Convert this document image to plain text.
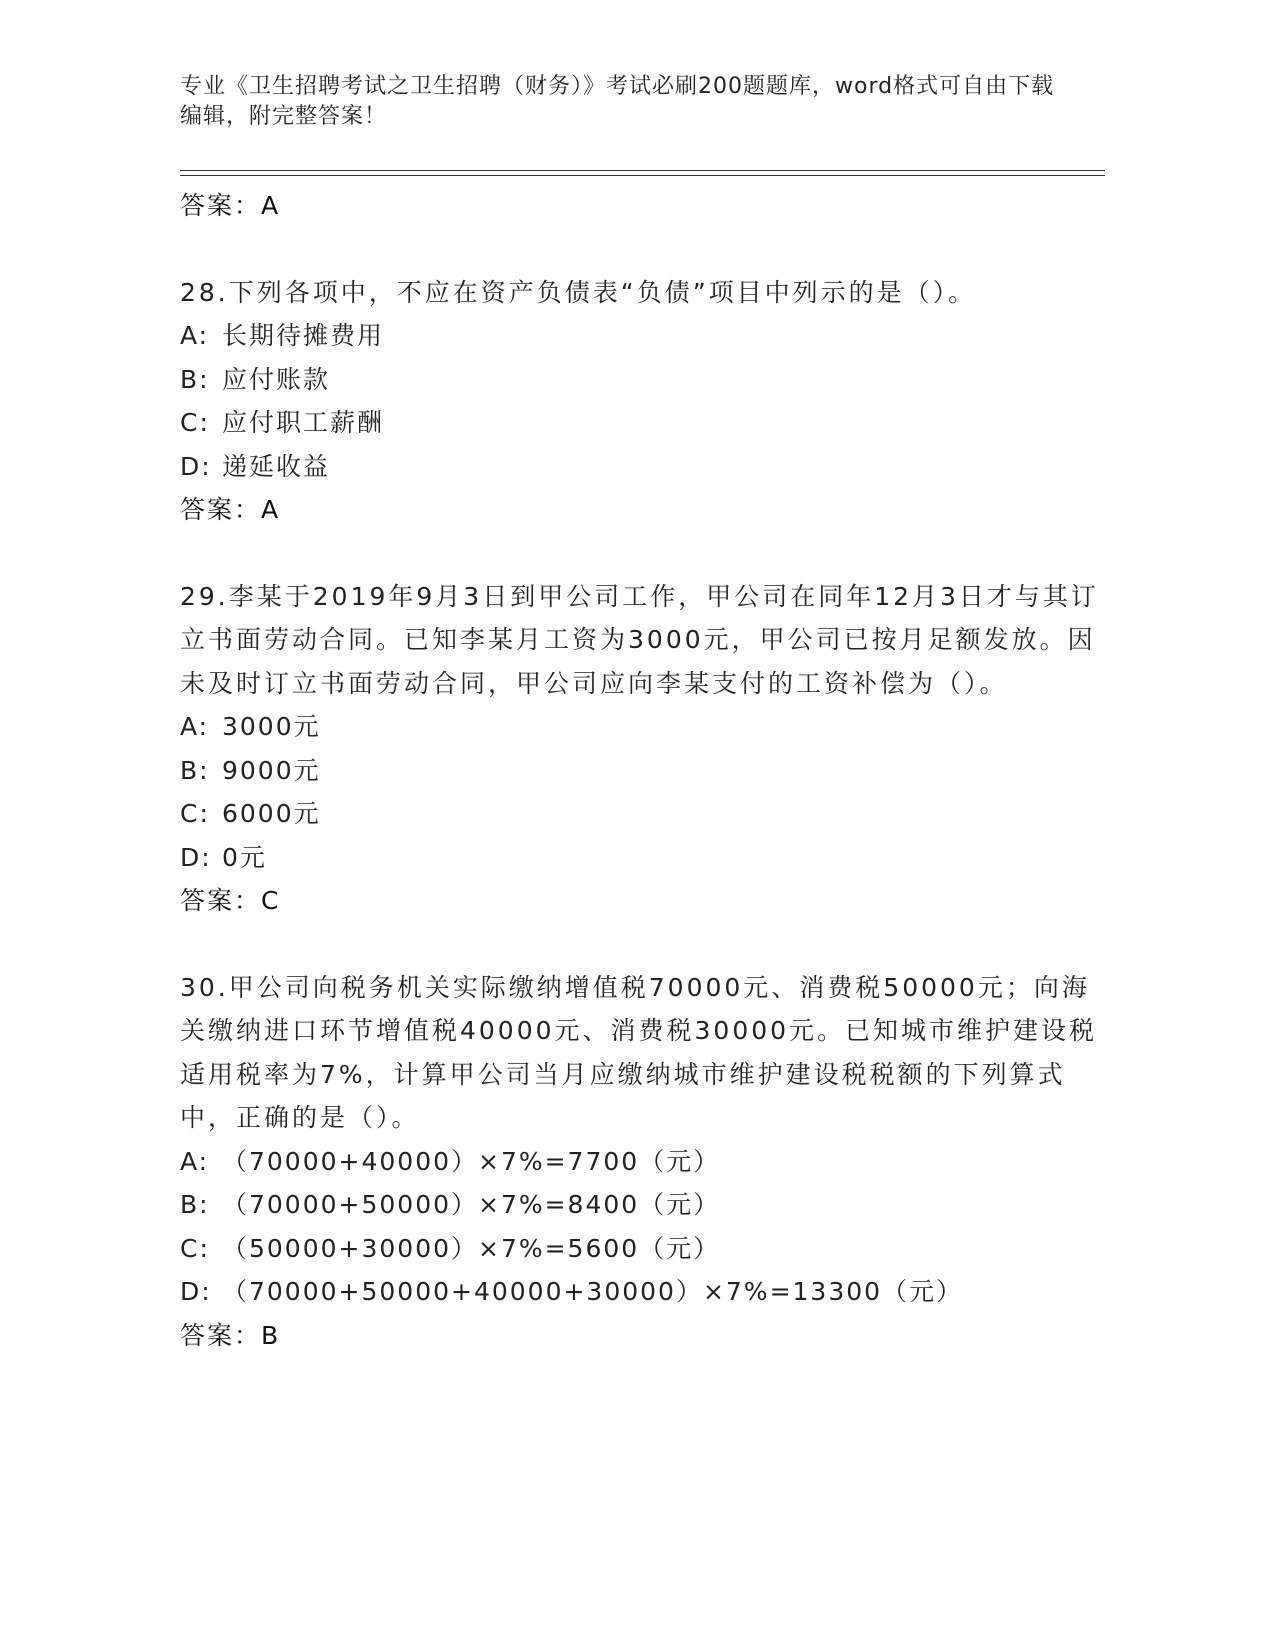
专业《卫生招聘考试之卫生招聘（财务）》考试必刷200题题库，word格式可自由下载编辑，附完整答案！
答案：A
28.下列各项中，不应在资产负债表“负债”项目中列示的是（）。
A: 长期待摊费用
B: 应付账款
C: 应付职工薪酬
D: 递延收益
答案：A
29.李某于2019年9月3日到甲公司工作，甲公司在同年12月3日才与其订立书面劳动合同。已知李某月工资为3000元，甲公司已按月足额发放。因未及时订立书面劳动合同，甲公司应向李某支付的工资补偿为（）。
A: 3000元
B: 9000元
C: 6000元
D: 0元
答案：C
30.甲公司向税务机关实际缴纳增值税70000元、消费税50000元；向海关缴纳进口环节增值税40000元、消费税30000元。已知城市维护建设税适用税率为7%，计算甲公司当月应缴纳城市维护建设税税额的下列算式中，正确的是（）。
A: （70000+40000）×7%=7700（元）
B: （70000+50000）×7%=8400（元）
C: （50000+30000）×7%=5600（元）
D: （70000+50000+40000+30000）×7%=13300（元）
答案：B
